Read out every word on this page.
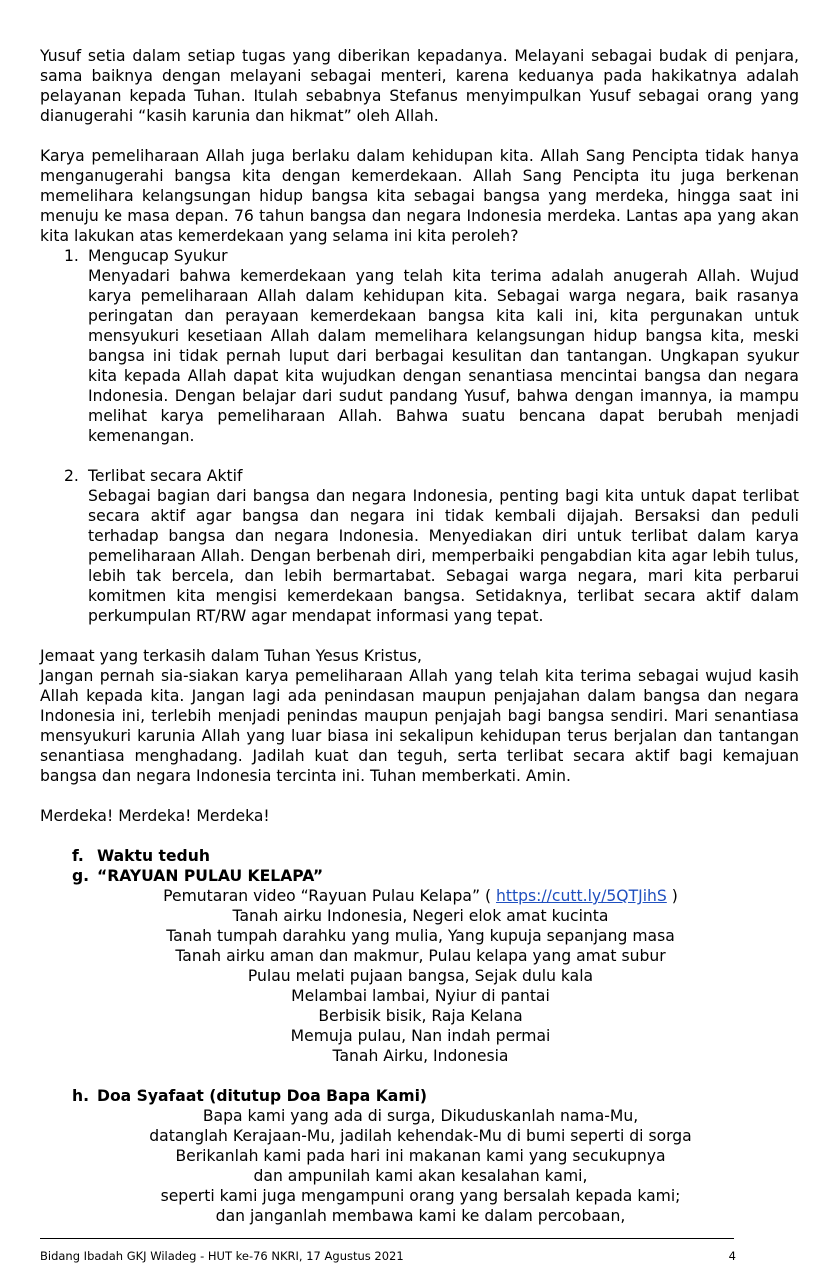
Yusuf setia dalam setiap tugas yang diberikan kepadanya. Melayani sebagai budak di penjara, sama baiknya dengan melayani sebagai menteri, karena keduanya pada hakikatnya adalah pelayanan kepada Tuhan. Itulah sebabnya Stefanus menyimpulkan Yusuf sebagai orang yang dianugerahi “kasih karunia dan hikmat” oleh Allah.

Karya pemeliharaan Allah juga berlaku dalam kehidupan kita. Allah Sang Pencipta tidak hanya menganugerahi bangsa kita dengan kemerdekaan. Allah Sang Pencipta itu juga berkenan memelihara kelangsungan hidup bangsa kita sebagai bangsa yang merdeka, hingga saat ini menuju ke masa depan. 76 tahun bangsa dan negara Indonesia merdeka. Lantas apa yang akan kita lakukan atas kemerdekaan yang selama ini kita peroleh?

1. Mengucap Syukur

Menyadari bahwa kemerdekaan yang telah kita terima adalah anugerah Allah. Wujud karya pemeliharaan Allah dalam kehidupan kita. Sebagai warga negara, baik rasanya peringatan dan perayaan kemerdekaan bangsa kita kali ini, kita pergunakan untuk mensyukuri kesetiaan Allah dalam memelihara kelangsungan hidup bangsa kita, meski bangsa ini tidak pernah luput dari berbagai kesulitan dan tantangan. Ungkapan syukur kita kepada Allah dapat kita wujudkan dengan senantiasa mencintai bangsa dan negara Indonesia. Dengan belajar dari sudut pandang Yusuf, bahwa dengan imannya, ia mampu melihat karya pemeliharaan Allah. Bahwa suatu bencana dapat berubah menjadi kemenangan.

2. Terlibat secara Aktif

Sebagai bagian dari bangsa dan negara Indonesia, penting bagi kita untuk dapat terlibat secara aktif agar bangsa dan negara ini tidak kembali dijajah. Bersaksi dan peduli terhadap bangsa dan negara Indonesia. Menyediakan diri untuk terlibat dalam karya pemeliharaan Allah. Dengan berbenah diri, memperbaiki pengabdian kita agar lebih tulus, lebih tak bercela, dan lebih bermartabat. Sebagai warga negara, mari kita perbarui komitmen kita mengisi kemerdekaan bangsa. Setidaknya, terlibat secara aktif dalam perkumpulan RT/RW agar mendapat informasi yang tepat.

Jemaat yang terkasih dalam Tuhan Yesus Kristus,

Jangan pernah sia-siakan karya pemeliharaan Allah yang telah kita terima sebagai wujud kasih Allah kepada kita. Jangan lagi ada penindasan maupun penjajahan dalam bangsa dan negara Indonesia ini, terlebih menjadi penindas maupun penjajah bagi bangsa sendiri. Mari senantiasa mensyukuri karunia Allah yang luar biasa ini sekalipun kehidupan terus berjalan dan tantangan senantiasa menghadang. Jadilah kuat dan teguh, serta terlibat secara aktif bagi kemajuan bangsa dan negara Indonesia tercinta ini. Tuhan memberkati. Amin.

Merdeka! Merdeka! Merdeka!

f. Waktu teduh
g. “RAYUAN PULAU KELAPA”
Pemutaran video “Rayuan Pulau Kelapa” ( https://cutt.ly/5QTJihS )
Tanah airku Indonesia, Negeri elok amat kucinta
Tanah tumpah darahku yang mulia, Yang kupuja sepanjang masa
Tanah airku aman dan makmur, Pulau kelapa yang amat subur
Pulau melati pujaan bangsa, Sejak dulu kala
Melambai lambai, Nyiur di pantai
Berbisik bisik, Raja Kelana
Memuja pulau, Nan indah permai
Tanah Airku, Indonesia
h. Doa Syafaat (ditutup Doa Bapa Kami)
Bapa kami yang ada di surga, Dikuduskanlah nama-Mu,
datanglah Kerajaan-Mu, jadilah kehendak-Mu di bumi seperti di sorga
Berikanlah kami pada hari ini makanan kami yang secukupnya
dan ampunilah kami akan kesalahan kami,
seperti kami juga mengampuni orang yang bersalah kepada kami;
dan janganlah membawa kami ke dalam percobaan,
Bidang Ibadah GKJ Wiladeg - HUT ke-76 NKRI, 17 Agustus 2021	4
